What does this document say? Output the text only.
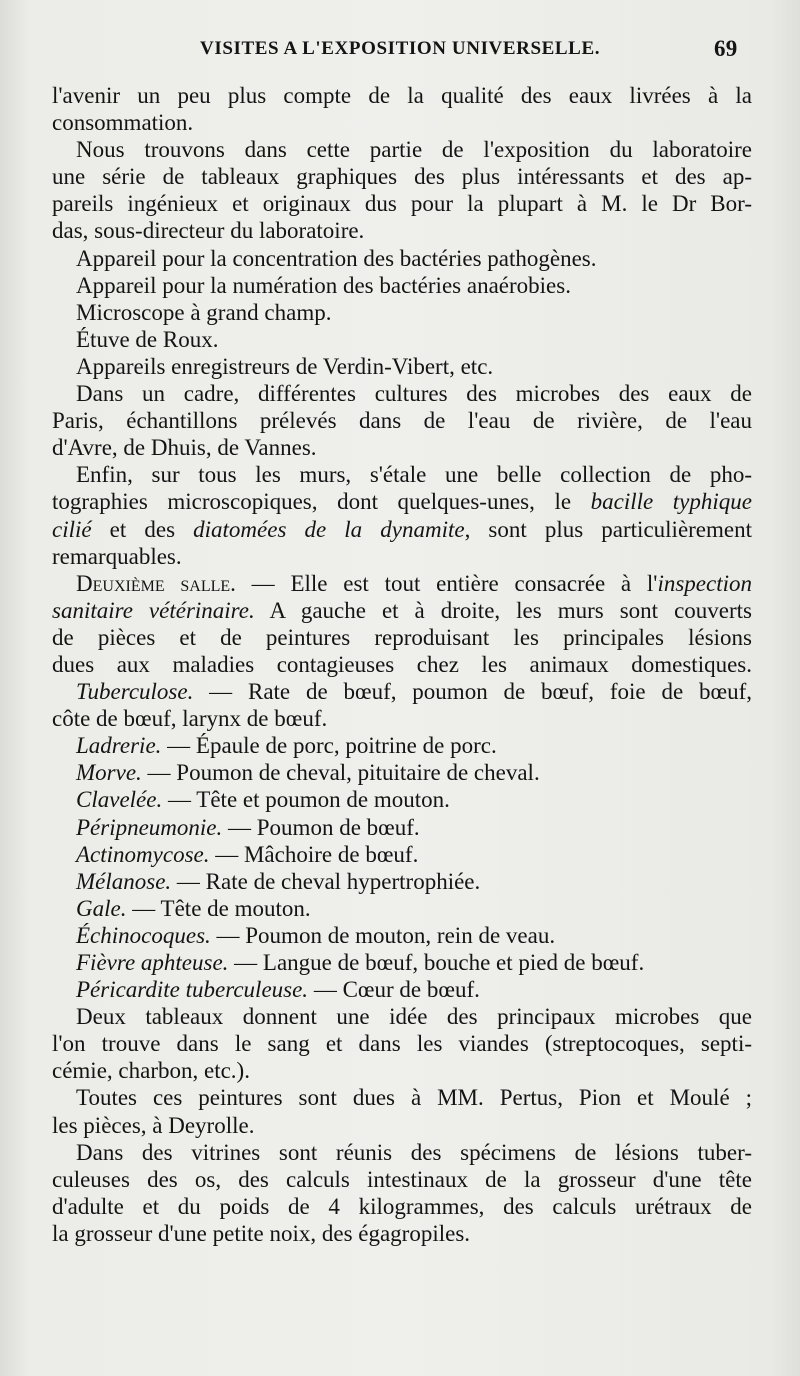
VISITES A L'EXPOSITION UNIVERSELLE.	69
l'avenir un peu plus compte de la qualité des eaux livrées à la
consommation.
Nous trouvons dans cette partie de l'exposition du laboratoire
une série de tableaux graphiques des plus intéressants et des ap-
pareils ingénieux et originaux dus pour la plupart à M. le Dr Bor-
das, sous-directeur du laboratoire.
Appareil pour la concentration des bactéries pathogènes.
Appareil pour la numération des bactéries anaérobies.
Microscope à grand champ.
Étuve de Roux.
Appareils enregistreurs de Verdin-Vibert, etc.
Dans un cadre, différentes cultures des microbes des eaux de
Paris, échantillons prélevés dans de l'eau de rivière, de l'eau
d'Avre, de Dhuis, de Vannes.
Enfin, sur tous les murs, s'étale une belle collection de pho-
tographies microscopiques, dont quelques-unes, le bacille typhique
cilié et des diatomées de la dynamite, sont plus particulièrement
remarquables.
Deuxième salle. — Elle est tout entière consacrée à l'inspection
sanitaire vétérinaire. A gauche et à droite, les murs sont couverts
de pièces et de peintures reproduisant les principales lésions
dues aux maladies contagieuses chez les animaux domestiques.
Tuberculose. — Rate de bœuf, poumon de bœuf, foie de bœuf,
côte de bœuf, larynx de bœuf.
Ladrerie. — Épaule de porc, poitrine de porc.
Morve. — Poumon de cheval, pituitaire de cheval.
Clavelée. — Tête et poumon de mouton.
Péripneumonie. — Poumon de bœuf.
Actinomycose. — Mâchoire de bœuf.
Mélanose. — Rate de cheval hypertrophiée.
Gale. — Tête de mouton.
Échinocoques. — Poumon de mouton, rein de veau.
Fièvre aphteuse. — Langue de bœuf, bouche et pied de bœuf.
Péricardite tuberculeuse. — Cœur de bœuf.
Deux tableaux donnent une idée des principaux microbes que
l'on trouve dans le sang et dans les viandes (streptocoques, septi-
cémie, charbon, etc.).
Toutes ces peintures sont dues à MM. Pertus, Pion et Moulé ;
les pièces, à Deyrolle.
Dans des vitrines sont réunis des spécimens de lésions tuber-
culeuses des os, des calculs intestinaux de la grosseur d'une tête
d'adulte et du poids de 4 kilogrammes, des calculs urétraux de
la grosseur d'une petite noix, des égagropiles.
